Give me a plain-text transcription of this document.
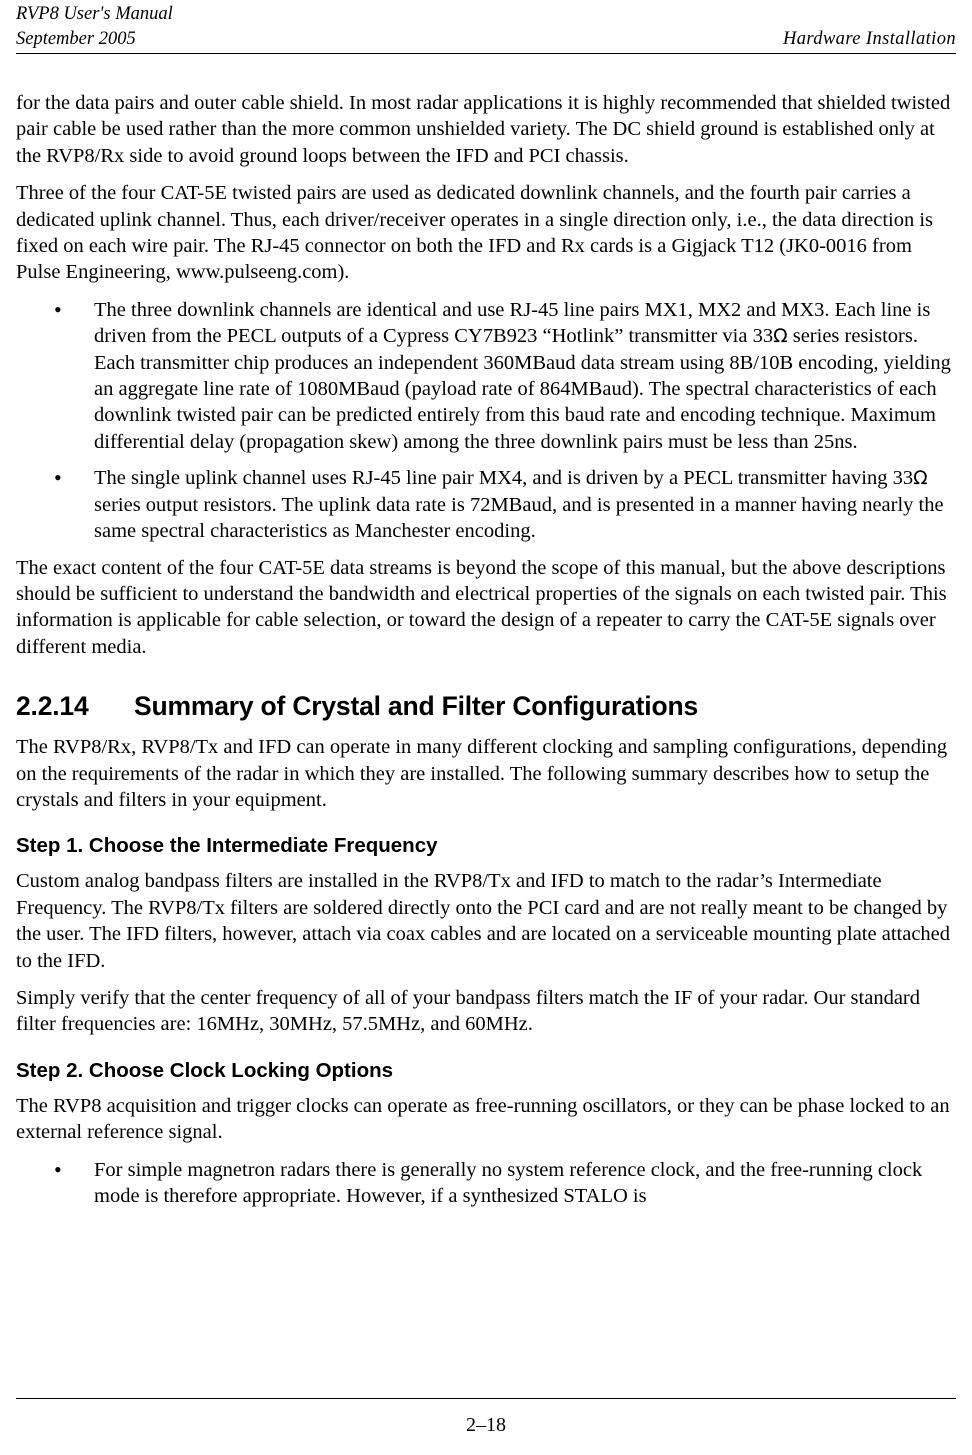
RVP8 User's Manual
September 2005	Hardware Installation

for the data pairs and outer cable shield. In most radar applications it is highly recommended that shielded twisted pair cable be used rather than the more common unshielded variety. The DC shield ground is established only at the RVP8/Rx side to avoid ground loops between the IFD and PCI chassis.

Three of the four CAT-5E twisted pairs are used as dedicated downlink channels, and the fourth pair carries a dedicated uplink channel. Thus, each driver/receiver operates in a single direction only, i.e., the data direction is fixed on each wire pair. The RJ-45 connector on both the IFD and Rx cards is a Gigjack T12 (JK0-0016 from Pulse Engineering, www.pulseeng.com).

• The three downlink channels are identical and use RJ-45 line pairs MX1, MX2 and MX3. Each line is driven from the PECL outputs of a Cypress CY7B923 “Hotlink” transmitter via 33Ω series resistors. Each transmitter chip produces an independent 360MBaud data stream using 8B/10B encoding, yielding an aggregate line rate of 1080MBaud (payload rate of 864MBaud). The spectral characteristics of each downlink twisted pair can be predicted entirely from this baud rate and encoding technique. Maximum differential delay (propagation skew) among the three downlink pairs must be less than 25ns.
• The single uplink channel uses RJ-45 line pair MX4, and is driven by a PECL transmitter having 33Ω series output resistors. The uplink data rate is 72MBaud, and is presented in a manner having nearly the same spectral characteristics as Manchester encoding.

The exact content of the four CAT-5E data streams is beyond the scope of this manual, but the above descriptions should be sufficient to understand the bandwidth and electrical properties of the signals on each twisted pair. This information is applicable for cable selection, or toward the design of a repeater to carry the CAT-5E signals over different media.

2.2.14 Summary of Crystal and Filter Configurations

The RVP8/Rx, RVP8/Tx and IFD can operate in many different clocking and sampling configurations, depending on the requirements of the radar in which they are installed. The following summary describes how to setup the crystals and filters in your equipment.

Step 1. Choose the Intermediate Frequency

Custom analog bandpass filters are installed in the RVP8/Tx and IFD to match to the radar’s Intermediate Frequency. The RVP8/Tx filters are soldered directly onto the PCI card and are not really meant to be changed by the user. The IFD filters, however, attach via coax cables and are located on a serviceable mounting plate attached to the IFD.

Simply verify that the center frequency of all of your bandpass filters match the IF of your radar. Our standard filter frequencies are: 16MHz, 30MHz, 57.5MHz, and 60MHz.

Step 2. Choose Clock Locking Options

The RVP8 acquisition and trigger clocks can operate as free-running oscillators, or they can be phase locked to an external reference signal.

• For simple magnetron radars there is generally no system reference clock, and the free-running clock mode is therefore appropriate. However, if a synthesized STALO is
2–18
